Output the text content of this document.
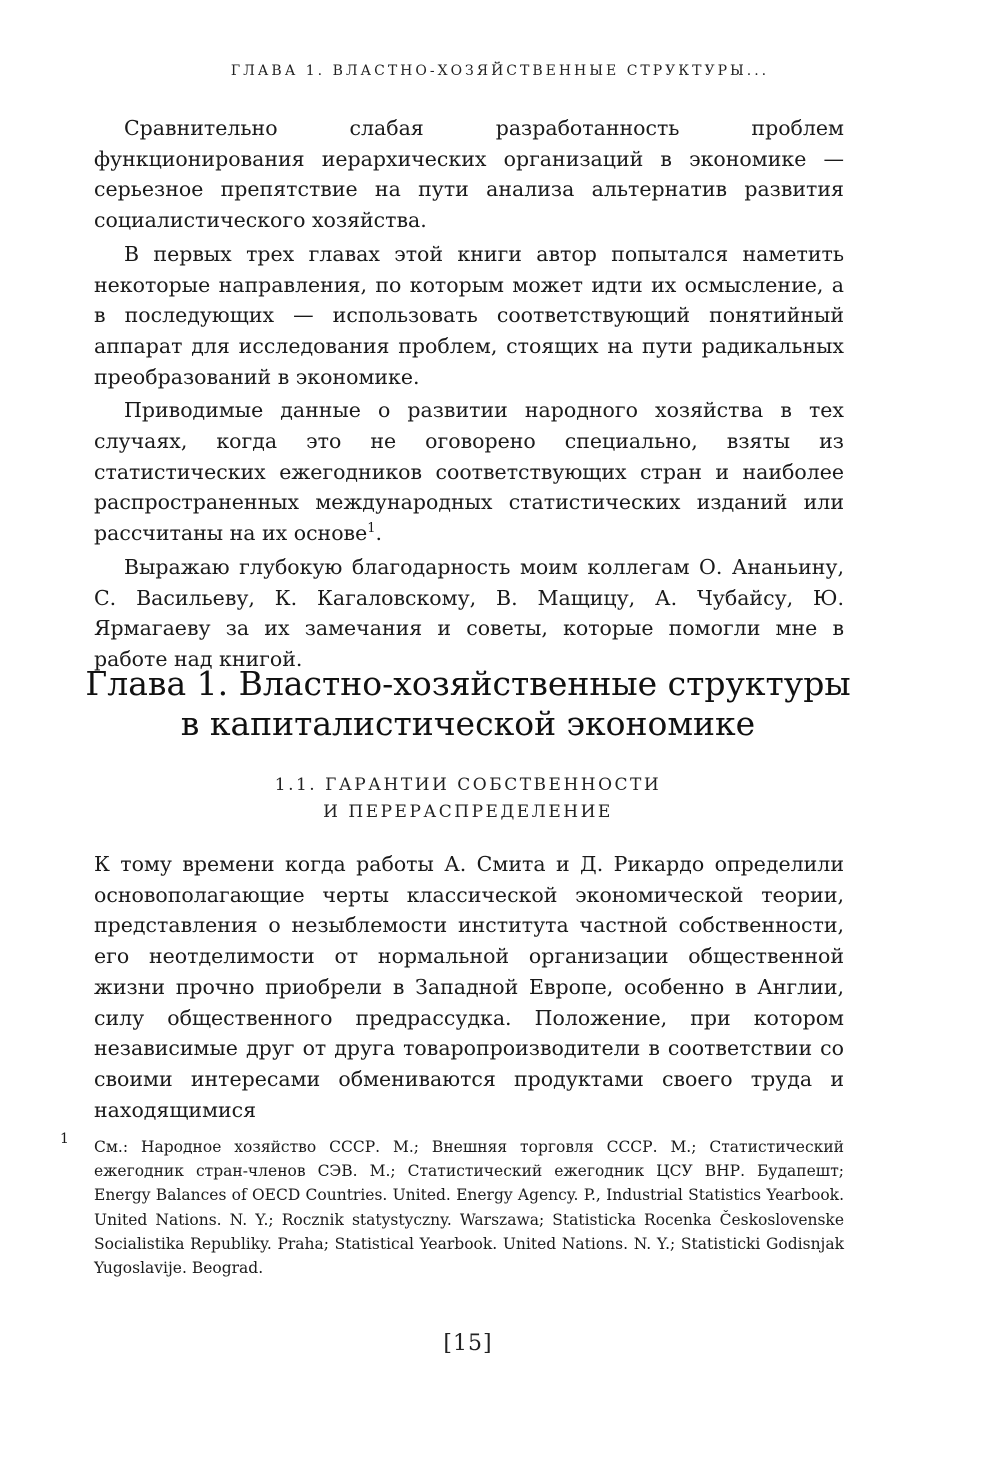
ГЛАВА 1. ВЛАСТНО-ХОЗЯЙСТВЕННЫЕ СТРУКТУРЫ...

Сравнительно слабая разработанность проблем функционирования иерархических организаций в экономике — серьезное препятствие на пути анализа альтернатив развития социалистического хозяйства.

В первых трех главах этой книги автор попытался наметить некоторые направления, по которым может идти их осмысление, а в последующих — использовать соответствующий понятийный аппарат для исследования проблем, стоящих на пути радикальных преобразований в экономике.

Приводимые данные о развитии народного хозяйства в тех случаях, когда это не оговорено специально, взяты из статистических ежегодников соответствующих стран и наиболее распространенных международных статистических изданий или рассчитаны на их основе$^1$.

Выражаю глубокую благодарность моим коллегам О. Ананьину, С. Васильеву, К. Кагаловскому, В. Мащицу, А. Чубайсу, Ю. Ярмагаеву за их замечания и советы, которые помогли мне в работе над книгой.

Глава 1. Властно-хозяйственные структуры
в капиталистической экономике
1.1. ГАРАНТИИ СОБСТВЕННОСТИ
И ПЕРЕРАСПРЕДЕЛЕНИЕ

К тому времени когда работы А. Смита и Д. Рикардо определили основополагающие черты классической экономической теории, представления о незыблемости института частной собственности, его неотделимости от нормальной организации общественной жизни прочно приобрели в Западной Европе, особенно в Англии, силу общественного предрассудка. Положение, при котором независимые друг от друга товаропроизводители в соответствии со своими интересами обмениваются продуктами своего труда и находящимися

1 См.: Народное хозяйство СССР. М.; Внешняя торговля СССР. М.; Статистический ежегодник стран-членов СЭВ. М.; Статистический ежегодник ЦСУ ВНР. Будапешт; Energy Balances of OECD Countries. United. Energy Agency. P., Industrial Statistics Yearbook. United Nations. N. Y.; Rocznik statystyczny. Warszawa; Statisticka Rocenka Československe Socialistika Republiky. Praha; Statistical Yearbook. United Nations. N. Y.; Statisticki Godisnjak Yugoslavije. Beograd.
[15]
